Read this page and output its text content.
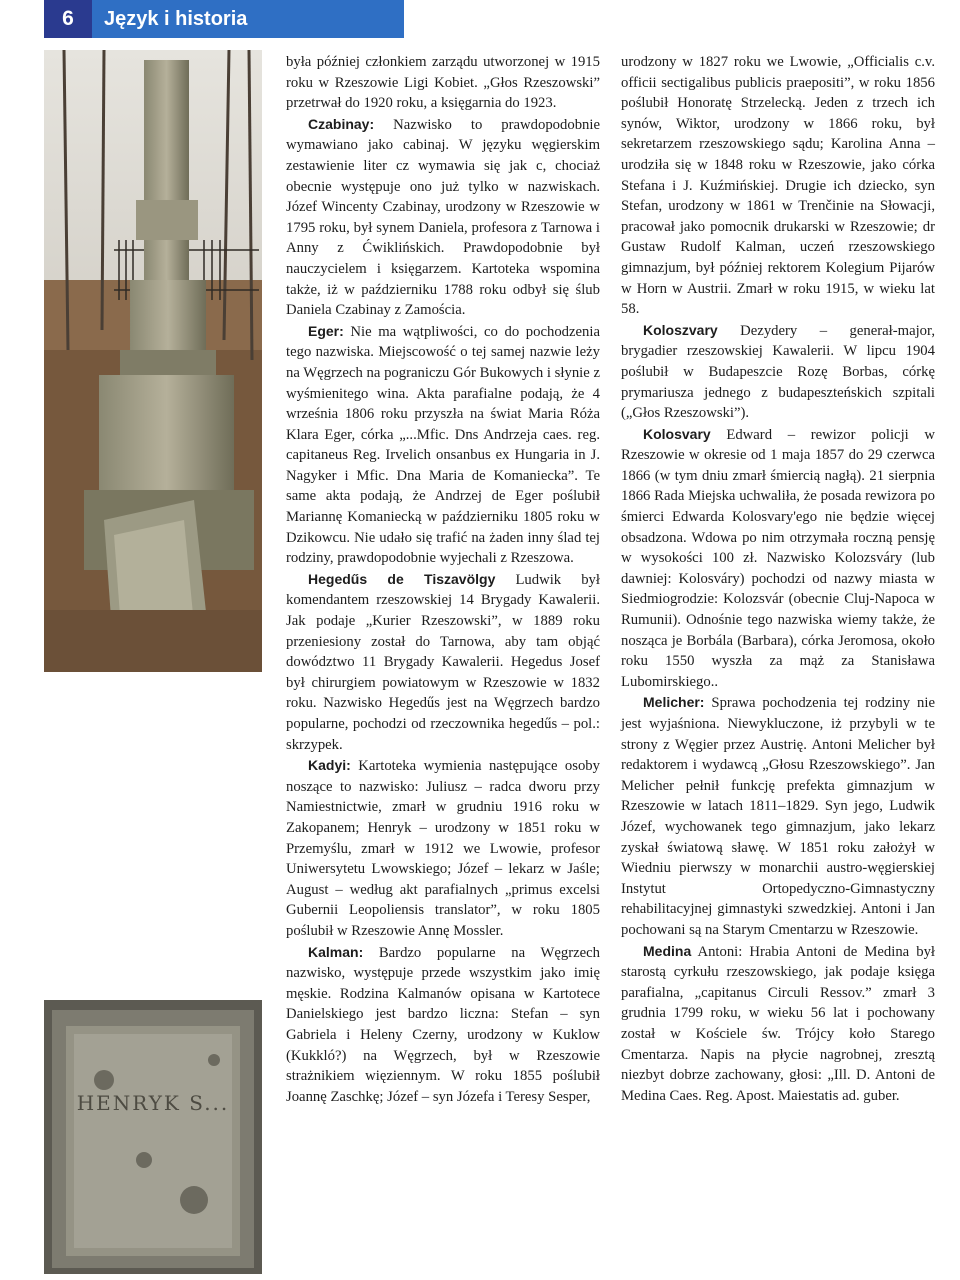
6	Język i historia
HENRYK S...

była później członkiem zarządu utworzonej w 1915 roku w Rzeszowie Ligi Kobiet. „Głos Rzeszowski” przetrwał do 1920 roku, a księgarnia do 1923.

Czabinay: Nazwisko to prawdopodobnie wymawiano jako cabinaj. W języku węgierskim zestawienie liter cz wymawia się jak c, chociaż obecnie występuje ono już tylko w nazwiskach. Józef Wincenty Czabinay, urodzony w Rzeszowie w 1795 roku, był synem Daniela, profesora z Tarnowa i Anny z Ćwiklińskich. Prawdopodobnie był nauczycielem i księgarzem. Kartoteka wspomina także, iż w październiku 1788 roku odbył się ślub Daniela Czabinay z Zamościa.

Eger: Nie ma wątpliwości, co do pochodzenia tego nazwiska. Miejscowość o tej samej nazwie leży na Węgrzech na pograniczu Gór Bukowych i słynie z wyśmienitego wina. Akta parafialne podają, że 4 września 1806 roku przyszła na świat Maria Róża Klara Eger, córka „...Mfic. Dns Andrzeja caes. reg. capitaneus Reg. Irvelich onsanbus ex Hungaria in J. Nagyker i Mfic. Dna Maria de Komaniecka”. Te same akta podają, że Andrzej de Eger poślubił Mariannę Komaniecką w październiku 1805 roku w Dzikowcu. Nie udało się trafić na żaden inny ślad tej rodziny, prawdopodobnie wyjechali z Rzeszowa.

Hegedűs de Tiszavölgy Ludwik był komendantem rzeszowskiej 14 Brygady Kawalerii. Jak podaje „Kurier Rzeszowski”, w 1889 roku przeniesiony został do Tarnowa, aby tam objąć dowództwo 11 Brygady Kawalerii. Hegedus Josef był chirurgiem powiatowym w Rzeszowie w 1832 roku. Nazwisko Hegedűs jest na Węgrzech bardzo popularne, pochodzi od rzeczownika hegedűs – pol.: skrzypek.

Kadyi: Kartoteka wymienia następujące osoby noszące to nazwisko: Juliusz – radca dworu przy Namiestnictwie, zmarł w grudniu 1916 roku w Zakopanem; Henryk – urodzony w 1851 roku w Przemyślu, zmarł w 1912 we Lwowie, profesor Uniwersytetu Lwowskiego; Józef – lekarz w Jaśle; August – według akt parafialnych „primus excelsi Gubernii Leopoliensis translator”, w roku 1805 poślubił w Rzeszowie Annę Mossler.

Kalman: Bardzo popularne na Węgrzech nazwisko, występuje przede wszystkim jako imię męskie. Rodzina Kalmanów opisana w Kartotece Danielskiego jest bardzo liczna: Stefan – syn Gabriela i Heleny Czerny, urodzony w Kuklow (Kukkló?) na Węgrzech, był w Rzeszowie strażnikiem więziennym. W roku 1855 poślubił Joannę Zaschkę; Józef – syn Józefa i Teresy Sesper,

urodzony w 1827 roku we Lwowie, „Officialis c.v. officii sectigalibus publicis praepositi”, w roku 1856 poślubił Honoratę Strzelecką. Jeden z trzech ich synów, Wiktor, urodzony w 1866 roku, był sekretarzem rzeszowskiego sądu; Karolina Anna – urodziła się w 1848 roku w Rzeszowie, jako córka Stefana i J. Kuźmińskiej. Drugie ich dziecko, syn Stefan, urodzony w 1861 w Trenčinie na Słowacji, pracował jako pomocnik drukarski w Rzeszowie; dr Gustaw Rudolf Kalman, uczeń rzeszowskiego gimnazjum, był później rektorem Kolegium Pijarów w Horn w Austrii. Zmarł w roku 1915, w wieku lat 58.

Koloszvary Dezydery – generał-major, brygadier rzeszowskiej Kawalerii. W lipcu 1904 poślubił w Budapeszcie Rozę Borbas, córkę prymariusza jednego z budapeszteńskich szpitali („Głos Rzeszowski”).

Kolosvary Edward – rewizor policji w Rzeszowie w okresie od 1 maja 1857 do 29 czerwca 1866 (w tym dniu zmarł śmiercią nagłą). 21 sierpnia 1866 Rada Miejska uchwaliła, że posada rewizora po śmierci Edwarda Kolosvary'ego nie będzie więcej obsadzona. Wdowa po nim otrzymała roczną pensję w wysokości 100 zł. Nazwisko Kolozsváry (lub dawniej: Kolosváry) pochodzi od nazwy miasta w Siedmiogrodzie: Kolozsvár (obecnie Cluj-Napoca w Rumunii). Odnośnie tego nazwiska wiemy także, że nosząca je Borbála (Barbara), córka Jeromosa, około roku 1550 wyszła za mąż za Stanisława Lubomirskiego..

Melicher: Sprawa pochodzenia tej rodziny nie jest wyjaśniona. Niewykluczone, iż przybyli w te strony z Węgier przez Austrię. Antoni Melicher był redaktorem i wydawcą „Głosu Rzeszowskiego”. Jan Melicher pełnił funkcję prefekta gimnazjum w Rzeszowie w latach 1811–1829. Syn jego, Ludwik Józef, wychowanek tego gimnazjum, jako lekarz zyskał światową sławę. W 1851 roku założył w Wiedniu pierwszy w monarchii austro-węgierskiej Instytut Ortopedyczno-Gimnastyczny rehabilitacyjnej gimnastyki szwedzkiej. Antoni i Jan pochowani są na Starym Cmentarzu w Rzeszowie.

Medina Antoni: Hrabia Antoni de Medina był starostą cyrkułu rzeszowskiego, jak podaje księga parafialna, „capitanus Circuli Ressov.” zmarł 3 grudnia 1799 roku, w wieku 56 lat i pochowany został w Kościele św. Trójcy koło Starego Cmentarza. Napis na płycie nagrobnej, zresztą niezbyt dobrze zachowany, głosi: „Ill. D. Antoni de Medina Caes. Reg. Apost. Maiestatis ad. guber.
